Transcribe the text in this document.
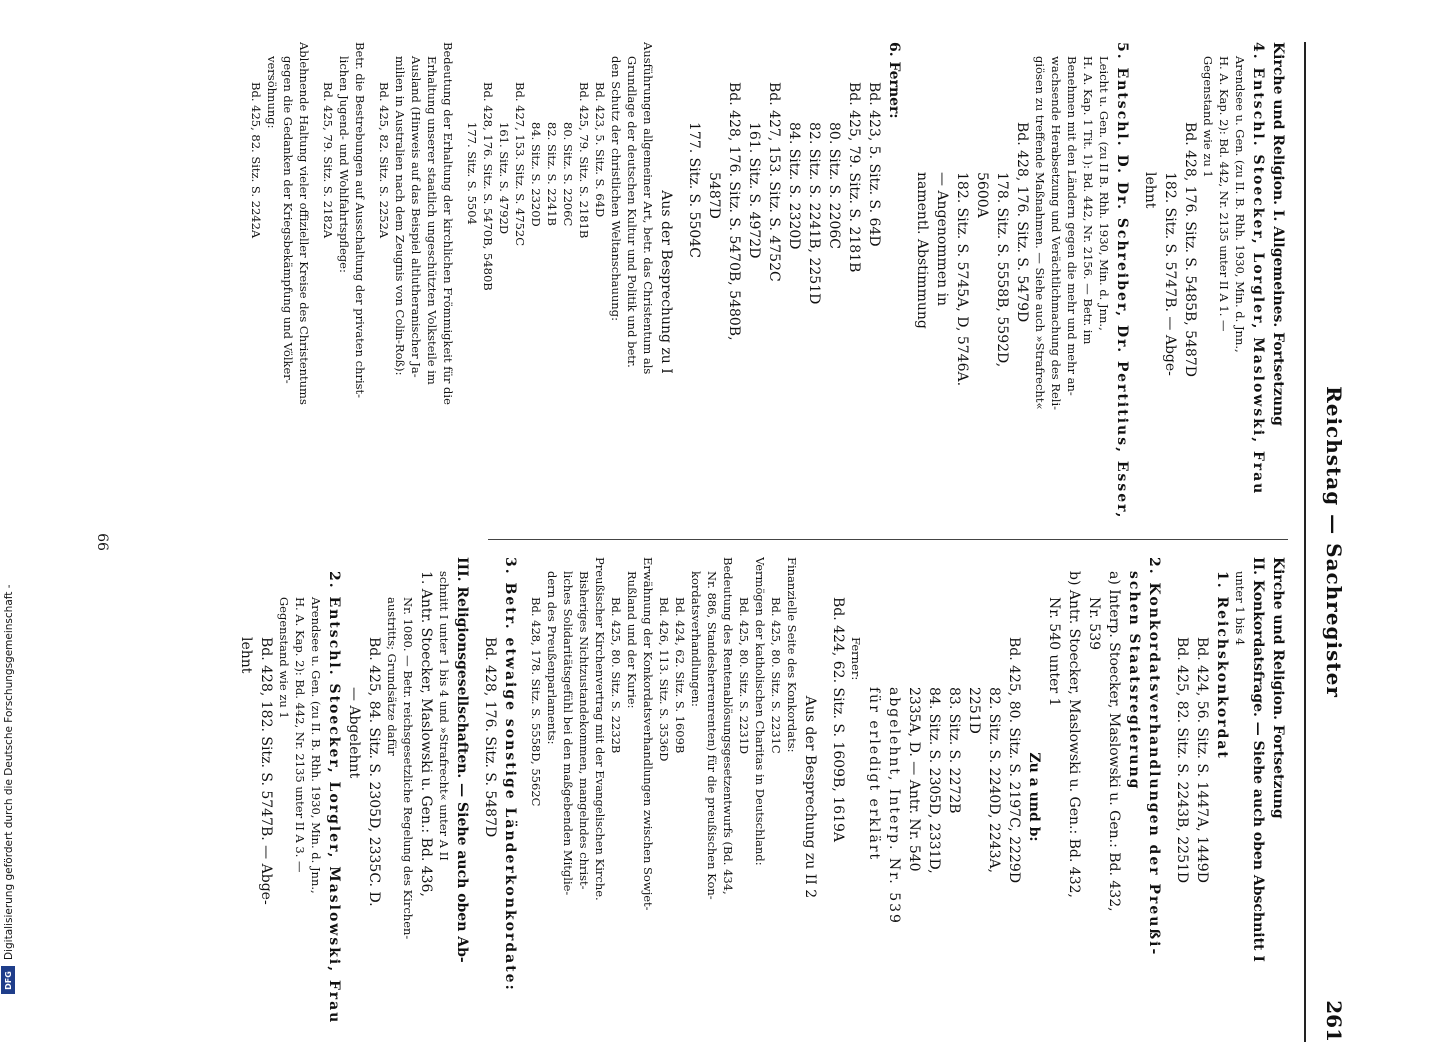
Digitalisierung gefördert durch die Deutsche Forschungsgemeinschaft -
DFG
Reichstag — Sachregister
261
Kirche und Religion. I. Allgemeines. Fortsetzung
4. Entschl. Stoecker, Lorgler, Maslowski, Frau
Arendsee u. Gen. (zu II. B. Rhh. 1930, Min. d. Jnn.,
H. A. Kap. 2): Bd. 442, Nr. 2135 unter II A 1. —
Gegenstand wie zu 1
Bd. 428, 176. Sitz. S. 5485B, 5487D
182. Sitz. S. 5747B. — Abge-
lehnt
5. Entschl. D. Dr. Schreiber, Dr. Pertitius, Esser,
Leicht u. Gen. (zu II B. Rhh. 1930, Min. d. Jnn.,
H. A. Kap. 1 Tit. 1): Bd. 442, Nr. 2156. — Betr. im
Benehmen mit den Ländern gegen die mehr und mehr an-
wachsende Herabsetzung und Verächtlichmachung des Reli-
giösen zu treffende Maßnahmen. — Siehe auch »Strafrecht«
Bd. 428, 176. Sitz. S. 5479D
178. Sitz. S. 5558B, 5592D,
5600A
182. Sitz. S. 5745A, D, 5746A.
— Angenommen in
namentl. Abstimmung
6. Ferner:
Bd. 423, 5. Sitz. S. 64D
Bd. 425, 79. Sitz. S. 2181B
80. Sitz. S. 2206C
82. Sitz. S. 2241B, 2251D
84. Sitz. S. 2320D
Bd. 427, 153. Sitz. S. 4752C
161. Sitz. S. 4972D
Bd. 428, 176. Sitz. S. 5470B, 5480B,
5487D
177. Sitz. S. 5504C
Aus der Besprechung zu I
Ausführungen allgemeiner Art, betr. das Christentum als
Grundlage der deutschen Kultur und Politik und betr.
den Schutz der christlichen Weltanschauung:
Bd. 423, 5. Sitz. S. 64D
Bd. 425, 79. Sitz. S. 2181B
80. Sitz. S. 2206C
82. Sitz. S. 2241B
84. Sitz. S. 2320D
Bd. 427, 153. Sitz. S. 4752C
161. Sitz. S. 4792D
Bd. 428, 176. Sitz. S. 5470B, 5480B
177. Sitz. S. 5504
Bedeutung der Erhaltung der kirchlichen Frömmigkeit für die
Erhaltung unserer staatlich ungeschützten Volksteile im
Ausland (Hinweis auf das Beispiel altlutheranischer Ja-
milien in Australien nach dem Zeugnis von Colin-Roß):
Bd. 425, 82. Sitz. S. 2252A
Betr. die Bestrebungen auf Ausschaltung der privaten christ-
lichen Jugend- und Wohlfahrtspflege:
Bd. 425, 79. Sitz. S. 2182A
Ablehnende Haltung vieler offizieller Kreise des Christentums
gegen die Gedanken der Kriegsbekämpfung und Völker-
versöhnung:
Bd. 425, 82. Sitz. S. 2242A
Kirche und Religion. Fortsetzung
II. Konkordatsfrage. — Siehe auch oben Abschnitt I
unter 1 bis 4
1. Reichskonkordat
Bd. 424, 56. Sitz. S. 1447A, 1449D
Bd. 425, 82. Sitz. S. 2243B, 2251D
2. Konkordatsverhandlungen der Preußi-
schen Staatsregierung
a) Interp. Stoecker, Maslowski u. Gen.: Bd. 432,
Nr. 539
b) Antr. Stoecker, Maslowski u. Gen.: Bd. 432,
Nr. 540 unter 1
Zu a und b:
Bd. 425, 80. Sitz. S. 2197C, 2229D
82. Sitz. S. 2240D, 2243A,
2251D
83. Sitz. S. 2272B
84. Sitz. S. 2305D, 2331D,
2335A, D. — Antr. Nr. 540
abgelehnt, Interp. Nr. 539
für erledigt erklärt
Ferner:
Bd. 424, 62. Sitz. S. 1609B, 1619A
Aus der Besprechung zu II 2
Finanzielle Seite des Konkordats:
Bd. 425, 80. Sitz. S. 2231C
Vermögen der katholischen Charitas in Deutschland:
Bd. 425, 80. Sitz. S. 2231D
Bedeutung des Rentenablösungsgesetzentwurfs (Bd. 434,
Nr. 886, Standesherrenrenten) für die preußischen Kon-
kordatsverhandlungen:
Bd. 424, 62. Sitz. S. 1609B
Bd. 426, 113. Sitz. S. 3536D
Erwähnung der Konkordatsverhandlungen zwischen Sowjet-
Rußland und der Kurie:
Bd. 425, 80. Sitz. S. 2232B
Preußischer Kirchenvertrag mit der Evangelischen Kirche.
Bisheriges Nichtzustandekommen, mangelndes christ-
liches Solidaritätsgefühl bei den maßgebenden Mitglie-
dern des Preußenparlaments:
Bd. 428, 178. Sitz. S. 5558D, 5562C
3. Betr. etwaige sonstige Länderkonkordate:
Bd. 428, 176. Sitz. S. 5487D
III. Religionsgesellschaften. — Siehe auch oben Ab-
schnitt I unter 1 bis 4 und »Strafrecht« unter A II
1. Antr. Stoecker, Maslowski u. Gen.: Bd. 436,
Nr. 1080. — Betr. reichsgesetzliche Regelung des Kirchen-
austritts; Grundsätze dafür
Bd. 425, 84. Sitz. S. 2305D, 2335C. D.
— Abgelehnt
2. Entschl. Stoecker, Lorgler, Maslowski, Frau
Arendsee u. Gen. (zu II. B. Rhh. 1930, Min. d. Jnn.,
H. A. Kap. 2): Bd. 442, Nr. 2135 unter II A 3. —
Gegenstand wie zu 1
Bd. 428, 182. Sitz. S. 5747B. — Abge-
lehnt
66
